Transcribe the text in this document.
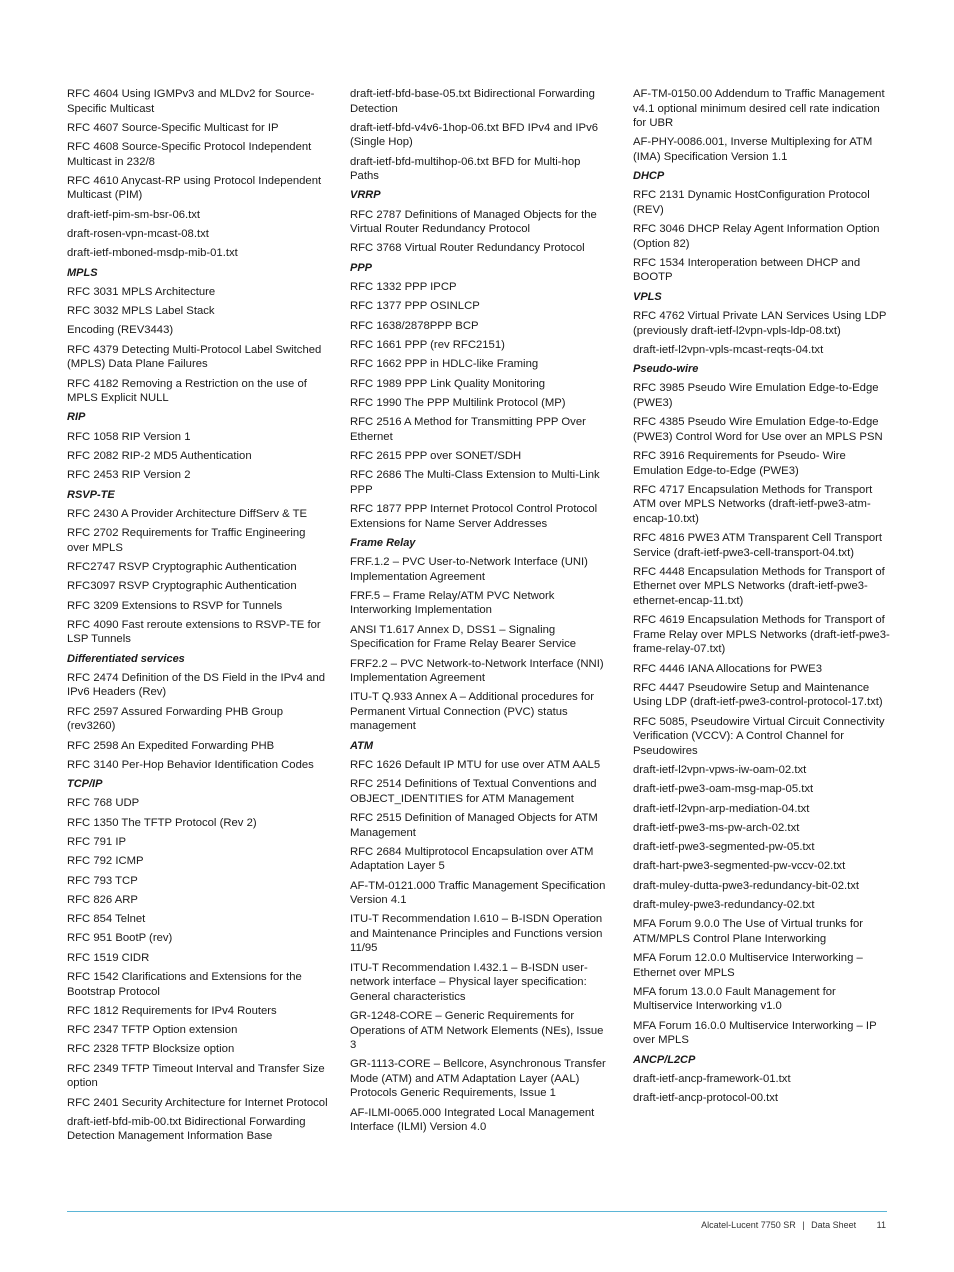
RFC 4604 Using IGMPv3 and MLDv2 for Source-Specific Multicast
RFC 4607 Source-Specific Multicast for IP
RFC 4608 Source-Specific Protocol Independent Multicast in 232/8
RFC 4610 Anycast-RP using Protocol Independent Multicast (PIM)
draft-ietf-pim-sm-bsr-06.txt
draft-rosen-vpn-mcast-08.txt
draft-ietf-mboned-msdp-mib-01.txt
MPLS
RFC 3031 MPLS Architecture
RFC 3032 MPLS Label Stack
Encoding (REV3443)
RFC 4379 Detecting Multi-Protocol Label Switched (MPLS) Data Plane Failures
RFC 4182 Removing a Restriction on the use of MPLS Explicit NULL
RIP
RFC 1058 RIP Version 1
RFC 2082 RIP-2 MD5 Authentication
RFC 2453 RIP Version 2
RSVP-TE
RFC 2430 A Provider Architecture DiffServ & TE
RFC 2702 Requirements for Traffic Engineering over MPLS
RFC2747 RSVP Cryptographic Authentication
RFC3097 RSVP Cryptographic Authentication
RFC 3209 Extensions to RSVP for Tunnels
RFC 4090 Fast reroute extensions to RSVP-TE for LSP Tunnels
Differentiated services
RFC 2474 Definition of the DS Field in the IPv4 and IPv6 Headers (Rev)
RFC 2597 Assured Forwarding PHB Group (rev3260)
RFC 2598 An Expedited Forwarding PHB
RFC 3140 Per-Hop Behavior Identification Codes
TCP/IP
RFC 768 UDP
RFC 1350 The TFTP Protocol (Rev 2)
RFC 791 IP
RFC 792 ICMP
RFC 793 TCP
RFC 826 ARP
RFC 854 Telnet
RFC 951 BootP (rev)
RFC 1519 CIDR
RFC 1542 Clarifications and Extensions for the Bootstrap Protocol
RFC 1812 Requirements for IPv4 Routers
RFC 2347 TFTP Option extension
RFC 2328 TFTP Blocksize option
RFC 2349 TFTP Timeout Interval and Transfer Size option
RFC 2401 Security Architecture for Internet Protocol
draft-ietf-bfd-mib-00.txt Bidirectional Forwarding Detection Management Information Base
draft-ietf-bfd-base-05.txt Bidirectional Forwarding Detection
draft-ietf-bfd-v4v6-1hop-06.txt BFD IPv4 and IPv6 (Single Hop)
draft-ietf-bfd-multihop-06.txt BFD for Multi-hop Paths
VRRP
RFC 2787 Definitions of Managed Objects for the Virtual Router Redundancy Protocol
RFC 3768 Virtual Router Redundancy Protocol
PPP
RFC 1332 PPP IPCP
RFC 1377 PPP OSINLCP
RFC 1638/2878PPP BCP
RFC 1661 PPP (rev RFC2151)
RFC 1662 PPP in HDLC-like Framing
RFC 1989 PPP Link Quality Monitoring
RFC 1990 The PPP Multilink Protocol (MP)
RFC 2516 A Method for Transmitting PPP Over Ethernet
RFC 2615 PPP over SONET/SDH
RFC 2686 The Multi-Class Extension to Multi-Link PPP
RFC 1877 PPP Internet Protocol Control Protocol Extensions for Name Server Addresses
Frame Relay
FRF.1.2 – PVC User-to-Network Interface (UNI) Implementation Agreement
FRF.5 – Frame Relay/ATM PVC Network Interworking Implementation
ANSI T1.617 Annex D, DSS1 – Signaling Specification for Frame Relay Bearer Service
FRF2.2 – PVC Network-to-Network Interface (NNI) Implementation Agreement
ITU-T Q.933 Annex A – Additional procedures for Permanent Virtual Connection (PVC) status management
ATM
RFC 1626 Default IP MTU for use over ATM AAL5
RFC 2514 Definitions of Textual Conventions and OBJECT_IDENTITIES for ATM Management
RFC 2515 Definition of Managed Objects for ATM Management
RFC 2684 Multiprotocol Encapsulation over ATM Adaptation Layer 5
AF-TM-0121.000 Traffic Management Specification Version 4.1
ITU-T Recommendation I.610 – B-ISDN Operation and Maintenance Principles and Functions version 11/95
ITU-T Recommendation I.432.1 – B-ISDN user-network interface – Physical layer specification: General characteristics
GR-1248-CORE – Generic Requirements for Operations of ATM Network Elements (NEs), Issue 3
GR-1113-CORE – Bellcore, Asynchronous Transfer Mode (ATM) and ATM Adaptation Layer (AAL) Protocols Generic Requirements, Issue 1
AF-ILMI-0065.000 Integrated Local Management Interface (ILMI) Version 4.0
AF-TM-0150.00 Addendum to Traffic Management v4.1 optional minimum desired cell rate indication for UBR
AF-PHY-0086.001, Inverse Multiplexing for ATM (IMA) Specification Version 1.1
DHCP
RFC 2131 Dynamic HostConfiguration Protocol (REV)
RFC 3046 DHCP Relay Agent Information Option (Option 82)
RFC 1534 Interoperation between DHCP and BOOTP
VPLS
RFC 4762 Virtual Private LAN Services Using LDP (previously draft-ietf-l2vpn-vpls-ldp-08.txt)
draft-ietf-l2vpn-vpls-mcast-reqts-04.txt
Pseudo-wire
RFC 3985 Pseudo Wire Emulation Edge-to-Edge (PWE3)
RFC 4385 Pseudo Wire Emulation Edge-to-Edge (PWE3) Control Word for Use over an MPLS PSN
RFC 3916 Requirements for Pseudo- Wire Emulation Edge-to-Edge (PWE3)
RFC 4717 Encapsulation Methods for Transport ATM over MPLS Networks (draft-ietf-pwe3-atm-encap-10.txt)
RFC 4816 PWE3 ATM Transparent Cell Transport Service (draft-ietf-pwe3-cell-transport-04.txt)
RFC 4448 Encapsulation Methods for Transport of Ethernet over MPLS Networks (draft-ietf-pwe3-ethernet-encap-11.txt)
RFC 4619 Encapsulation Methods for Transport of Frame Relay over MPLS Networks (draft-ietf-pwe3-frame-relay-07.txt)
RFC 4446 IANA Allocations for PWE3
RFC 4447 Pseudowire Setup and Maintenance Using LDP (draft-ietf-pwe3-control-protocol-17.txt)
RFC 5085, Pseudowire Virtual Circuit Connectivity Verification (VCCV): A Control Channel for Pseudowires
draft-ietf-l2vpn-vpws-iw-oam-02.txt
draft-ietf-pwe3-oam-msg-map-05.txt
draft-ietf-l2vpn-arp-mediation-04.txt
draft-ietf-pwe3-ms-pw-arch-02.txt
draft-ietf-pwe3-segmented-pw-05.txt
draft-hart-pwe3-segmented-pw-vccv-02.txt
draft-muley-dutta-pwe3-redundancy-bit-02.txt
draft-muley-pwe3-redundancy-02.txt
MFA Forum 9.0.0 The Use of Virtual trunks for ATM/MPLS Control Plane Interworking
MFA Forum 12.0.0 Multiservice Interworking – Ethernet over MPLS
MFA forum 13.0.0 Fault Management for Multiservice Interworking v1.0
MFA Forum 16.0.0 Multiservice Interworking – IP over MPLS
ANCP/L2CP
draft-ietf-ancp-framework-01.txt
draft-ietf-ancp-protocol-00.txt
Alcatel-Lucent 7750 SR | Data Sheet 11
